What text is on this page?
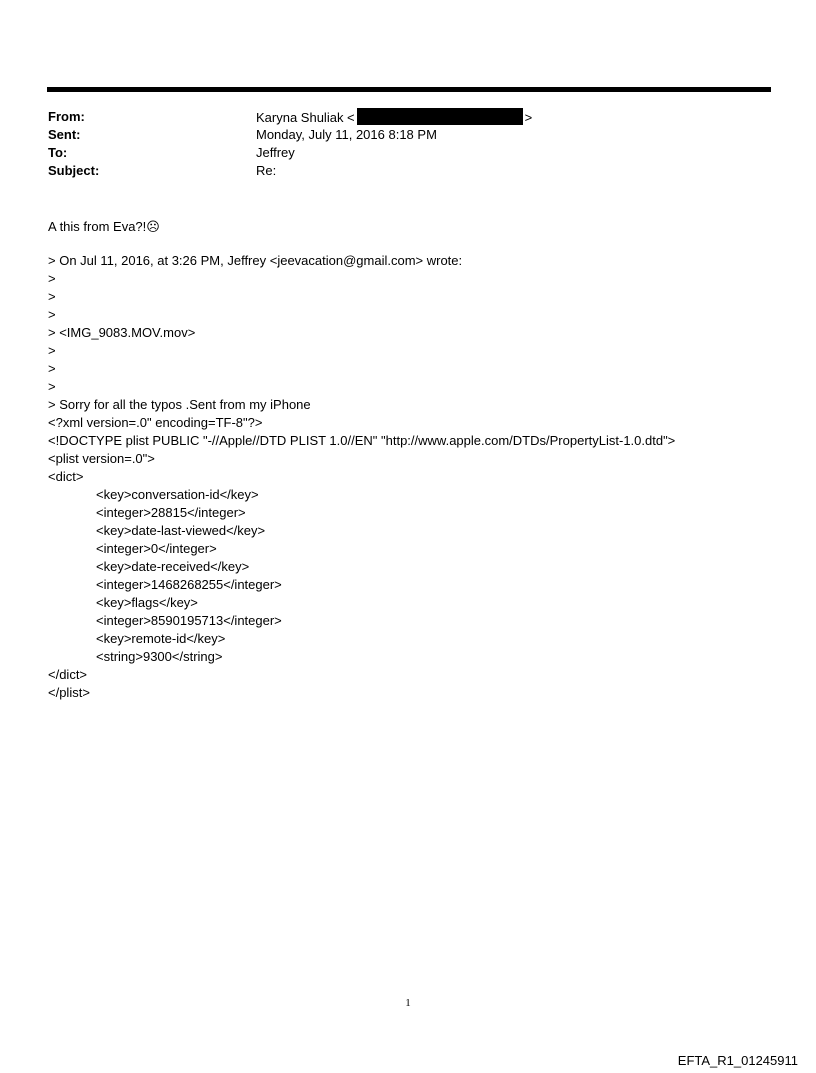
From:	Karyna Shuliak <	>
Sent:	Monday, July 11, 2016 8:18 PM
To:	Jeffrey
Subject:	Re:
A this from Eva?!☹
> On Jul 11, 2016, at 3:26 PM, Jeffrey <jeevacation@gmail.com> wrote:
>
>
>
> <IMG_9083.MOV.mov>
>
>
>
> Sorry for all the typos .Sent from my iPhone
<?xml version=.0" encoding=TF-8"?>
<!DOCTYPE plist PUBLIC "-//Apple//DTD PLIST 1.0//EN" "http://www.apple.com/DTDs/PropertyList-1.0.dtd">
<plist version=.0">
<dict>
<key>conversation-id</key>
<integer>28815</integer>
<key>date-last-viewed</key>
<integer>0</integer>
<key>date-received</key>
<integer>1468268255</integer>
<key>flags</key>
<integer>8590195713</integer>
<key>remote-id</key>
<string>9300</string>
</dict>
</plist>
1
EFTA_R1_01245911
